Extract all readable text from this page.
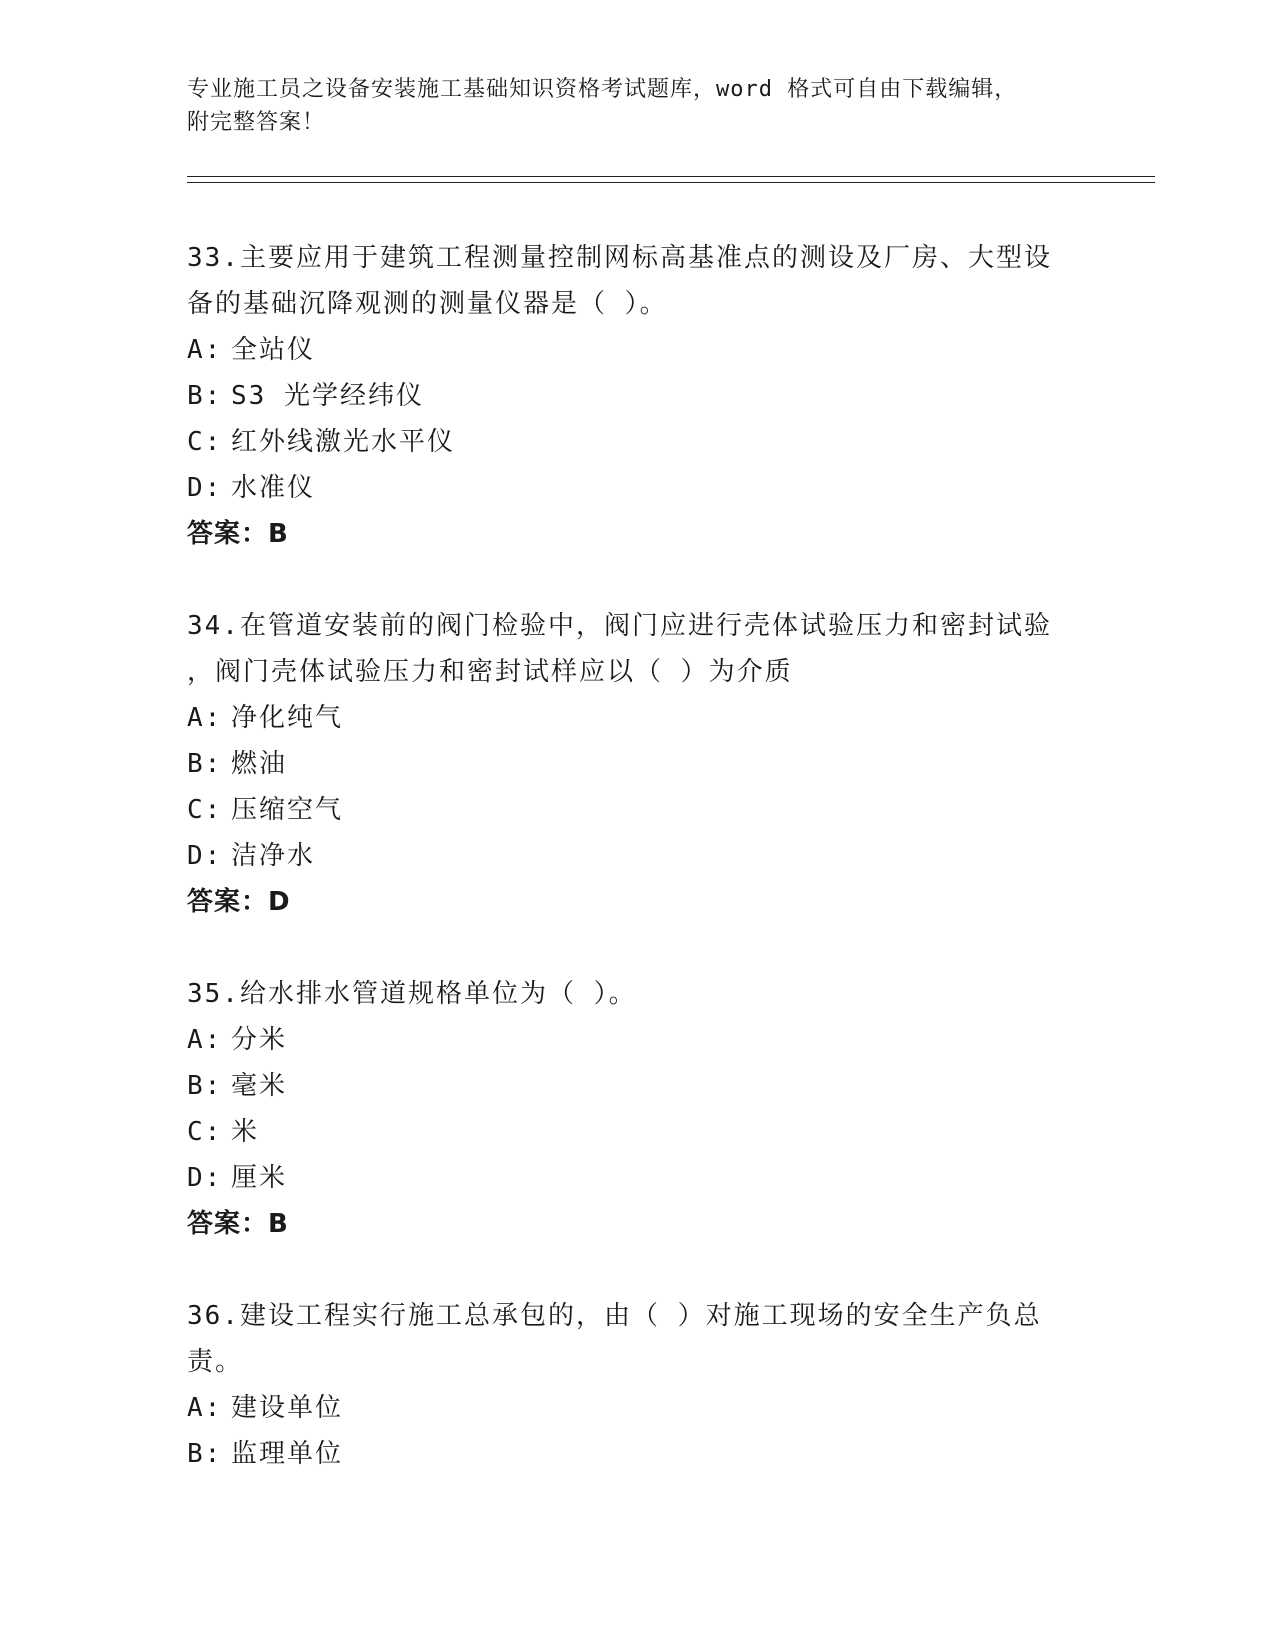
专业施工员之设备安装施工基础知识资格考试题库，word 格式可自由下载编辑，
附完整答案！
33.主要应用于建筑工程测量控制网标高基准点的测设及厂房、大型设
备的基础沉降观测的测量仪器是（ ）。
A: 全站仪
B: S3 光学经纬仪
C: 红外线激光水平仪
D: 水准仪
答案：B
34.在管道安装前的阀门检验中，阀门应进行壳体试验压力和密封试验
，阀门壳体试验压力和密封试样应以（ ）为介质
A: 净化纯气
B: 燃油
C: 压缩空气
D: 洁净水
答案：D
35.给水排水管道规格单位为（ ）。
A: 分米
B: 毫米
C: 米
D: 厘米
答案：B
36.建设工程实行施工总承包的，由（ ）对施工现场的安全生产负总
责。
A: 建设单位
B: 监理单位
